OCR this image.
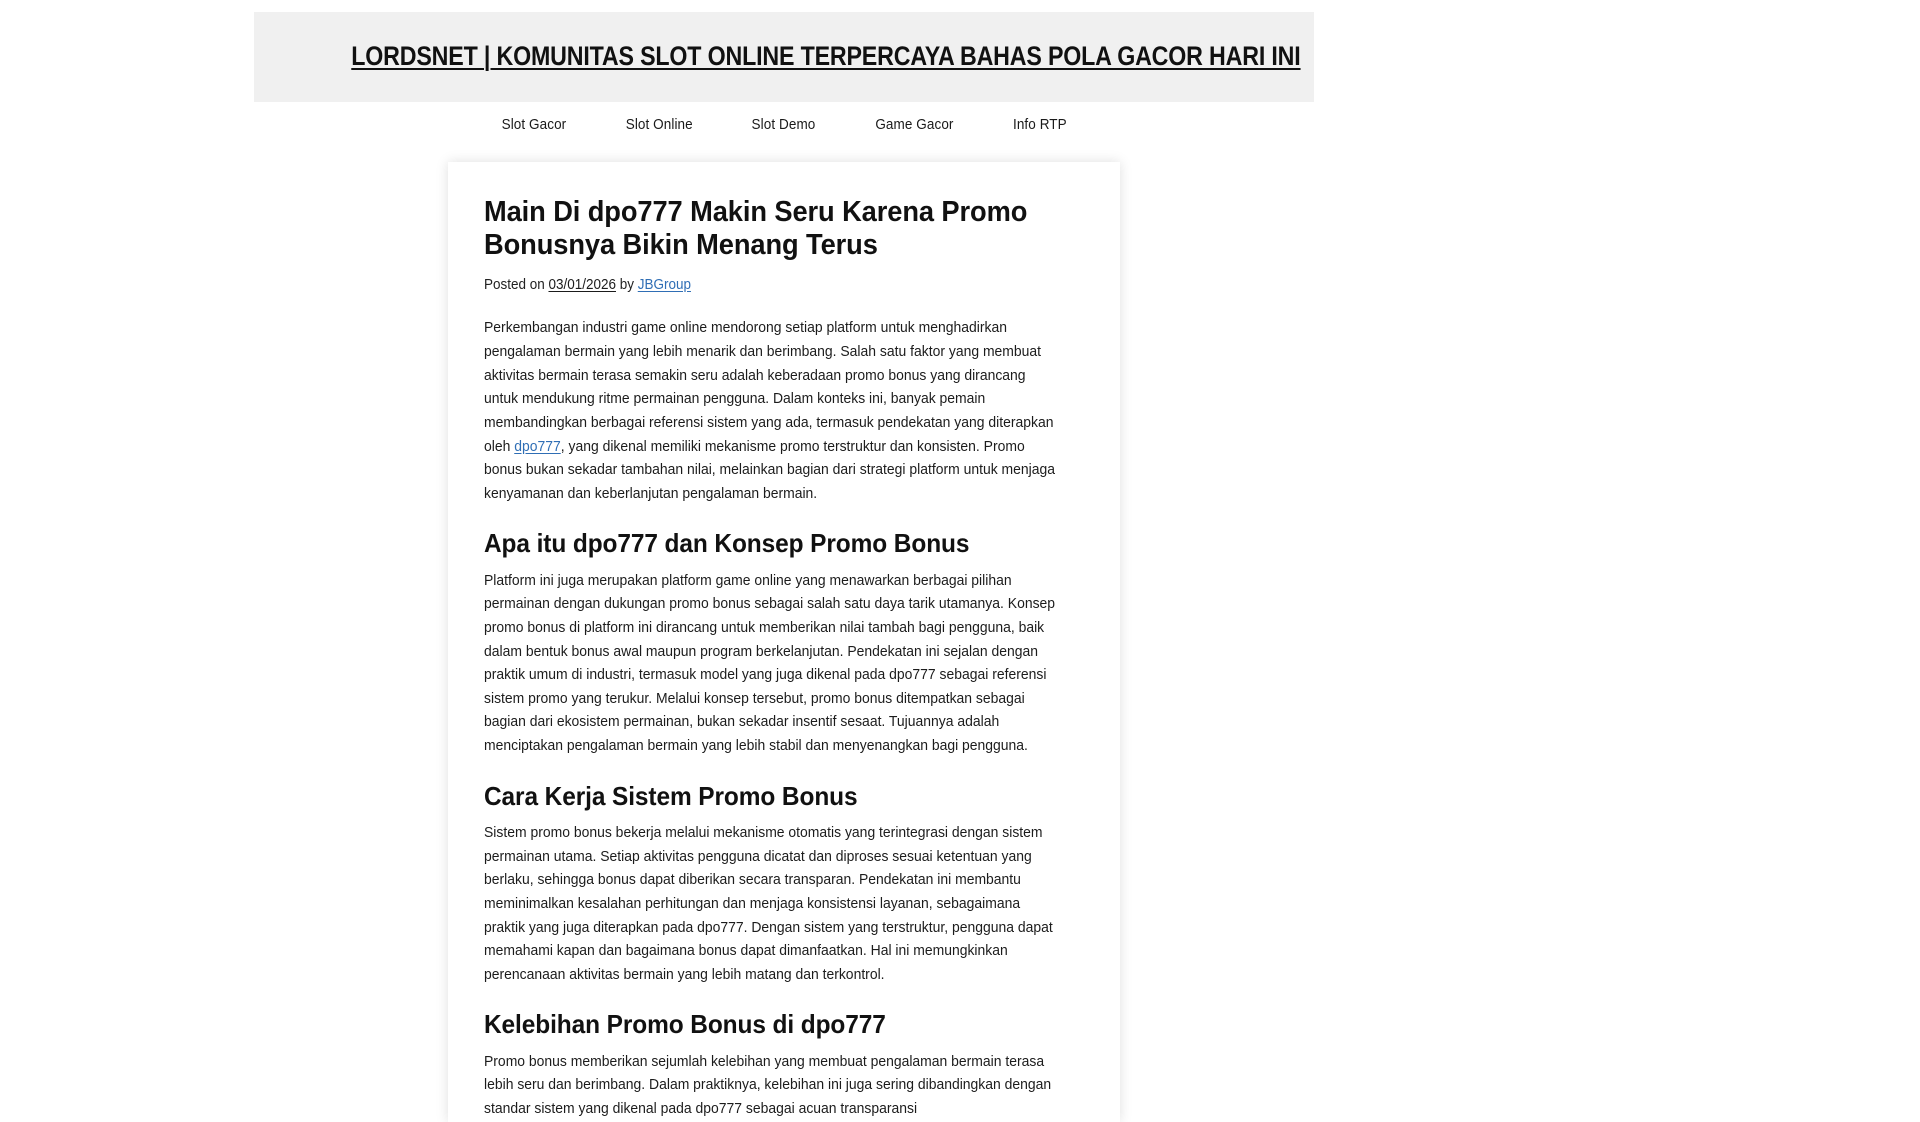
LORDSNET | KOMUNITAS SLOT ONLINE TERPERCAYA BAHAS POLA GACOR HARI INI
Slot Gacor	Slot Online	Slot Demo	Game Gacor	Info RTP
Main Di dpo777 Makin Seru Karena Promo Bonusnya Bikin Menang Terus
Posted on 03/01/2026 by JBGroup

Perkembangan industri game online mendorong setiap platform untuk menghadirkan pengalaman bermain yang lebih menarik dan berimbang. Salah satu faktor yang membuat aktivitas bermain terasa semakin seru adalah keberadaan promo bonus yang dirancang untuk mendukung ritme permainan pengguna. Dalam konteks ini, banyak pemain membandingkan berbagai referensi sistem yang ada, termasuk pendekatan yang diterapkan oleh dpo777, yang dikenal memiliki mekanisme promo terstruktur dan konsisten. Promo bonus bukan sekadar tambahan nilai, melainkan bagian dari strategi platform untuk menjaga kenyamanan dan keberlanjutan pengalaman bermain.

Apa itu dpo777 dan Konsep Promo Bonus

Platform ini juga merupakan platform game online yang menawarkan berbagai pilihan permainan dengan dukungan promo bonus sebagai salah satu daya tarik utamanya. Konsep promo bonus di platform ini dirancang untuk memberikan nilai tambah bagi pengguna, baik dalam bentuk bonus awal maupun program berkelanjutan. Pendekatan ini sejalan dengan praktik umum di industri, termasuk model yang juga dikenal pada dpo777 sebagai referensi sistem promo yang terukur. Melalui konsep tersebut, promo bonus ditempatkan sebagai bagian dari ekosistem permainan, bukan sekadar insentif sesaat. Tujuannya adalah menciptakan pengalaman bermain yang lebih stabil dan menyenangkan bagi pengguna.

Cara Kerja Sistem Promo Bonus

Sistem promo bonus bekerja melalui mekanisme otomatis yang terintegrasi dengan sistem permainan utama. Setiap aktivitas pengguna dicatat dan diproses sesuai ketentuan yang berlaku, sehingga bonus dapat diberikan secara transparan. Pendekatan ini membantu meminimalkan kesalahan perhitungan dan menjaga konsistensi layanan, sebagaimana praktik yang juga diterapkan pada dpo777. Dengan sistem yang terstruktur, pengguna dapat memahami kapan dan bagaimana bonus dapat dimanfaatkan. Hal ini memungkinkan perencanaan aktivitas bermain yang lebih matang dan terkontrol.

Kelebihan Promo Bonus di dpo777

Promo bonus memberikan sejumlah kelebihan yang membuat pengalaman bermain terasa lebih seru dan berimbang. Dalam praktiknya, kelebihan ini juga sering dibandingkan dengan standar sistem yang dikenal pada dpo777 sebagai acuan transparansi
